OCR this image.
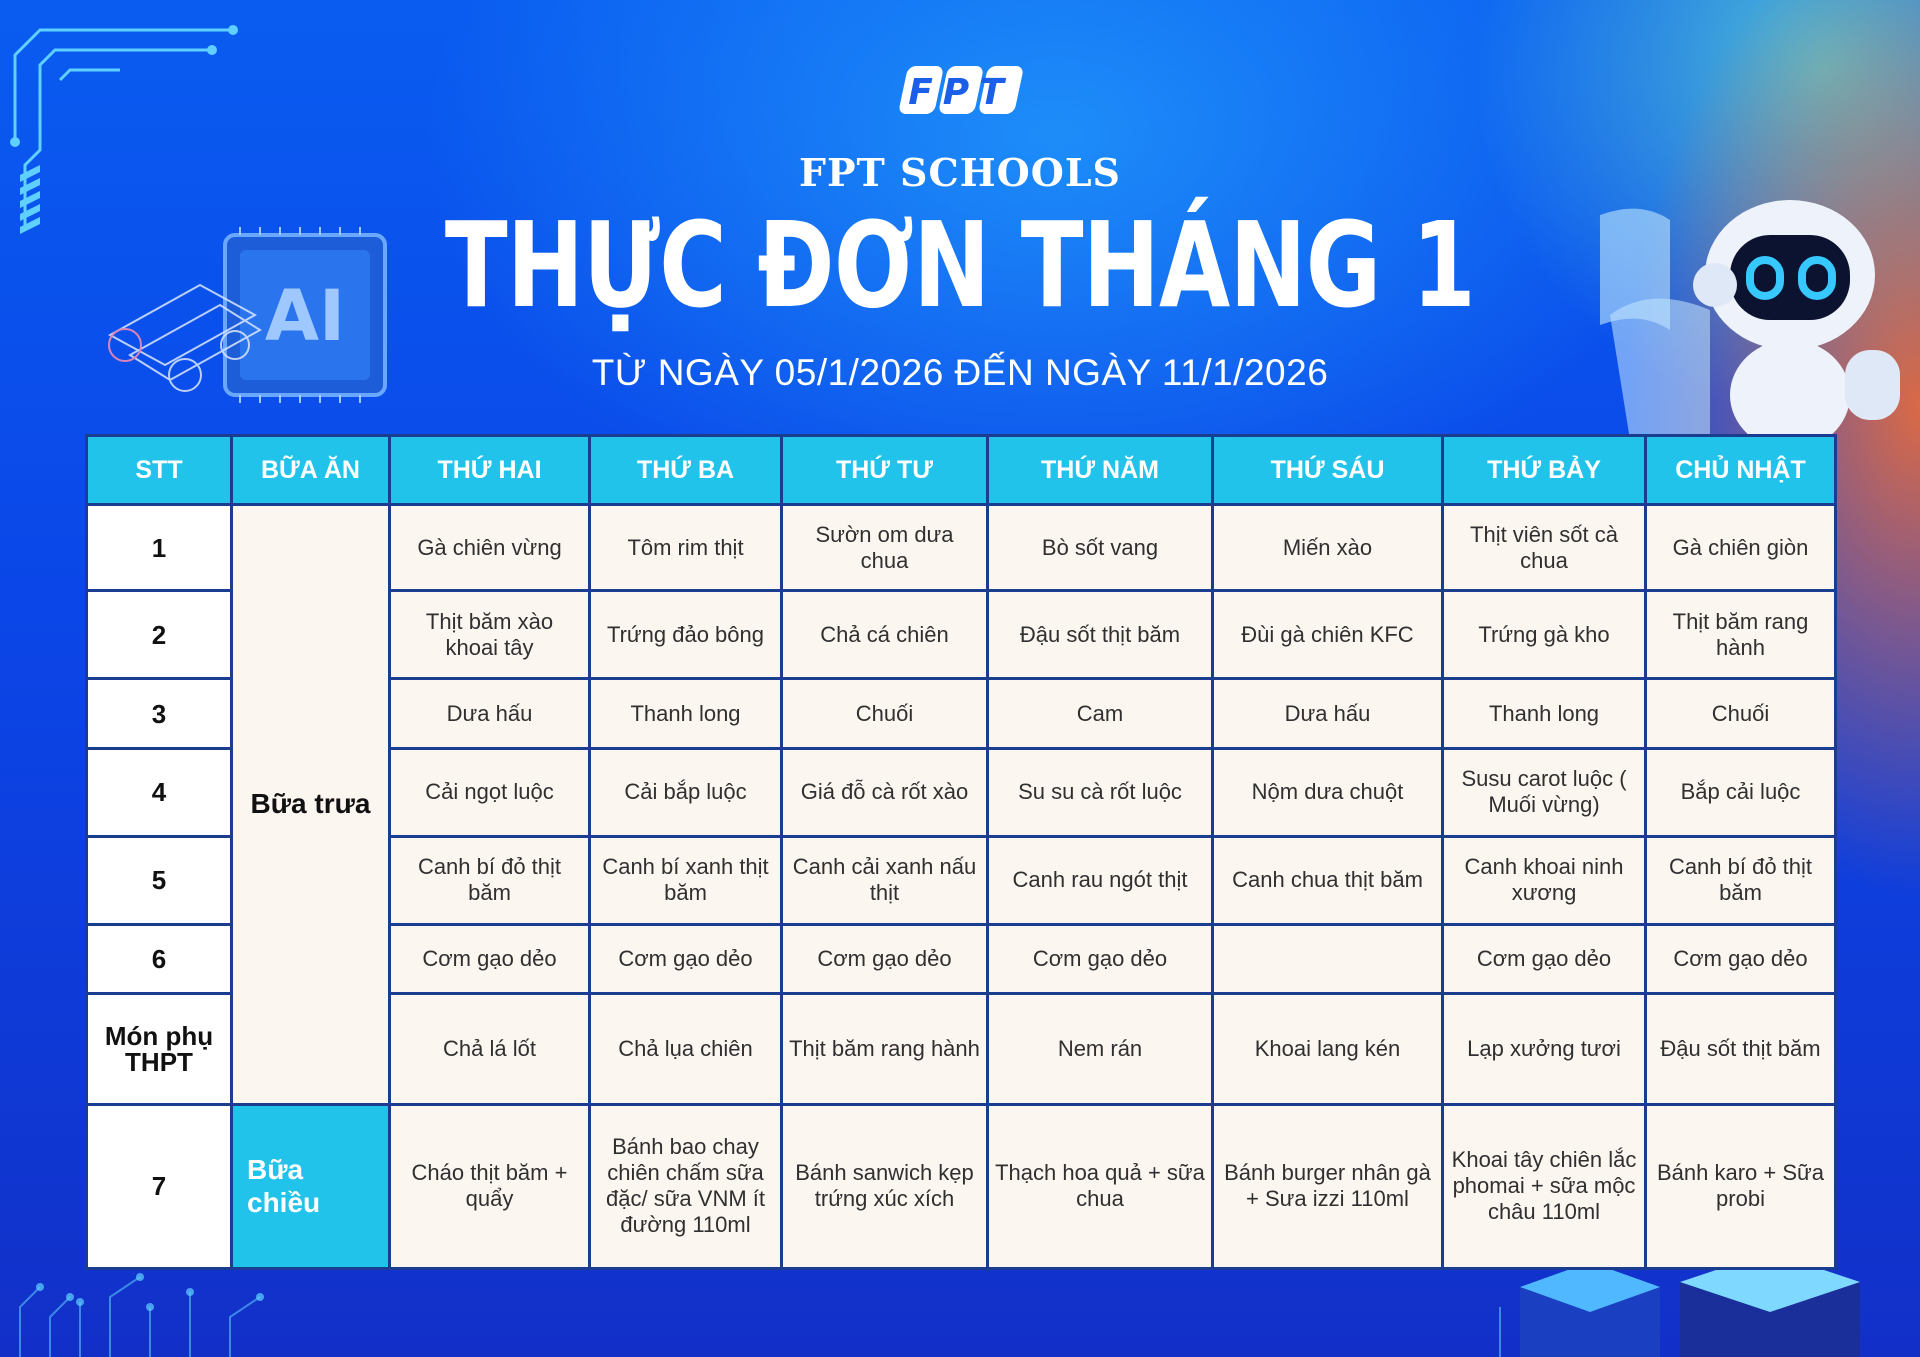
AI
FPT
FPT SCHOOLS
THỰC ĐƠN THÁNG 1
TỪ NGÀY 05/1/2026 ĐẾN NGÀY 11/1/2026
STT	BỮA ĂN	THỨ HAI	THỨ BA	THỨ TƯ	THỨ NĂM	THỨ SÁU	THỨ BẢY	CHỦ NHẬT
1	Bữa trưa	Gà chiên vừng	Tôm rim thịt	Sườn om dưa chua	Bò sốt vang	Miến xào	Thịt viên sốt cà chua	Gà chiên giòn
2		Thịt băm xào khoai tây	Trứng đảo bông	Chả cá chiên	Đậu sốt thịt băm	Đùi gà chiên KFC	Trứng gà kho	Thịt băm rang hành
3		Dưa hấu	Thanh long	Chuối	Cam	Dưa hấu	Thanh long	Chuối
4		Cải ngọt luộc	Cải bắp luộc	Giá đỗ cà rốt xào	Su su cà rốt luộc	Nộm dưa chuột	Susu carot luộc ( Muối vừng)	Bắp cải luộc
5		Canh bí đỏ thịt băm	Canh bí xanh thịt băm	Canh cải xanh nấu thịt	Canh rau ngót thịt	Canh chua thịt băm	Canh khoai ninh xương	Canh bí đỏ thịt băm
6		Cơm gạo dẻo	Cơm gạo dẻo	Cơm gạo dẻo	Cơm gạo dẻo		Cơm gạo dẻo	Cơm gạo dẻo
Món phụ THPT		Chả lá lốt	Chả lụa chiên	Thịt băm rang hành	Nem rán	Khoai lang kén	Lạp xưởng tươi	Đậu sốt thịt băm
7	Bữa chiều	Cháo thịt băm + quẩy	Bánh bao chay chiên chấm sữa đặc/ sữa VNM ít đường 110ml	Bánh sanwich kẹp trứng xúc xích	Thạch hoa quả + sữa chua	Bánh burger nhân gà + Sưa izzi 110ml	Khoai tây chiên lắc phomai + sữa mộc châu 110ml	Bánh karo + Sữa probi
